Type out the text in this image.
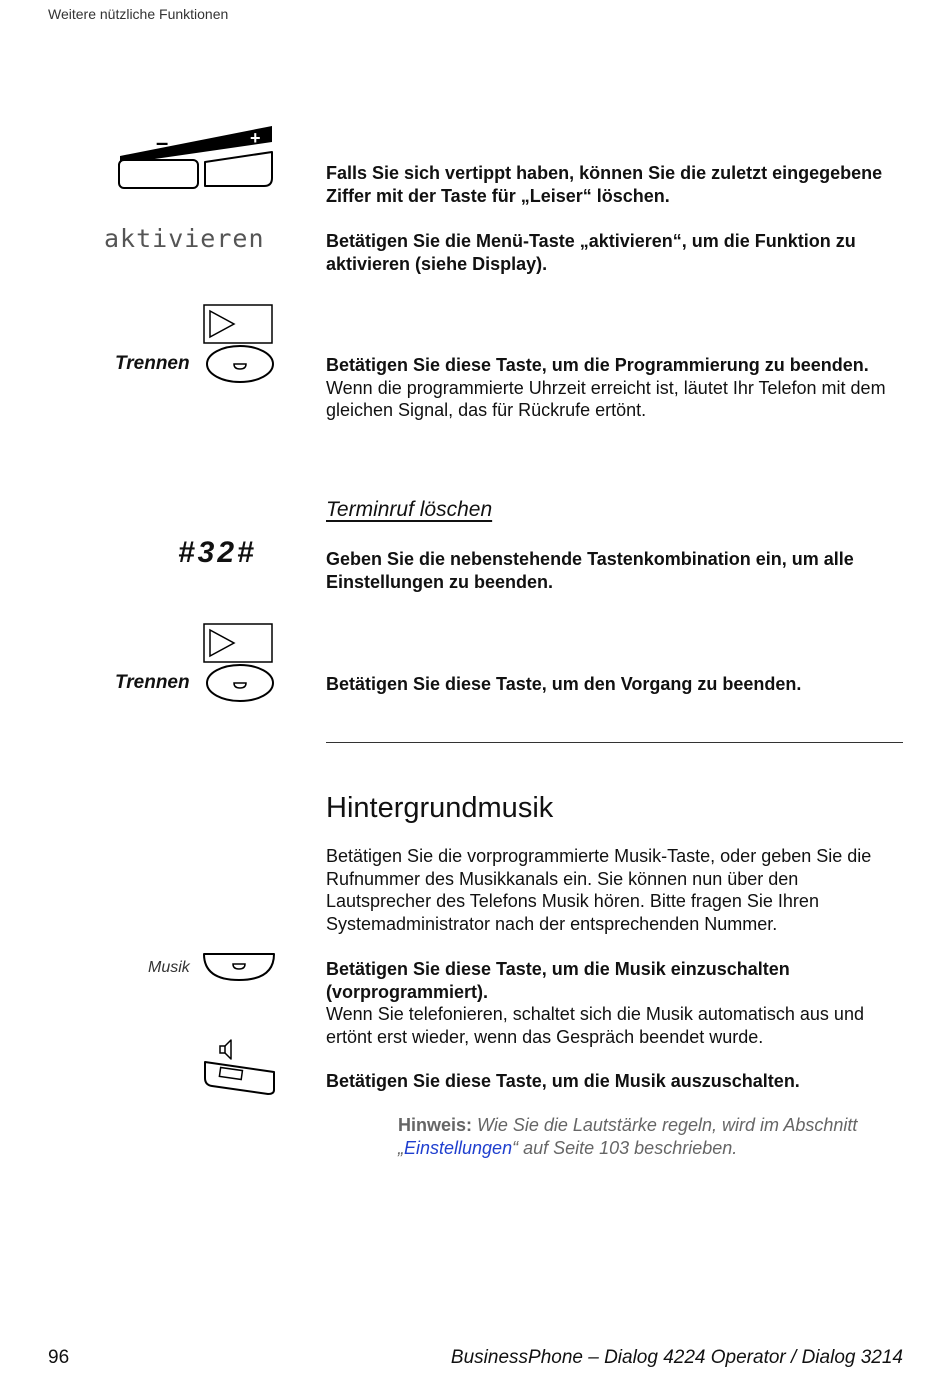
Weitere nützliche Funktionen
–	+
Falls Sie sich vertippt haben, können Sie die zuletzt eingegebene Ziffer mit der Taste für „Leiser“ löschen.
aktivieren	Betätigen Sie die Menü-Taste „aktivieren“, um die Funktion zu aktivieren (siehe Display).
Trennen	Betätigen Sie diese Taste, um die Programmierung zu beenden.
Wenn die programmierte Uhrzeit erreicht ist, läutet Ihr Telefon mit dem gleichen Signal, das für Rückrufe ertönt.
Terminruf löschen
#32#	Geben Sie die nebenstehende Tastenkombination ein, um alle Einstellungen zu beenden.
Trennen	Betätigen Sie diese Taste, um den Vorgang zu beenden.
Hintergrundmusik
Betätigen Sie die vorprogrammierte Musik-Taste, oder geben Sie die Rufnummer des Musikkanals ein. Sie können nun über den Lautsprecher des Telefons Musik hören. Bitte fragen Sie Ihren Systemadministrator nach der entsprechenden Nummer.
Musik	Betätigen Sie diese Taste, um die Musik einzuschalten (vorprogrammiert).
Wenn Sie telefonieren, schaltet sich die Musik automatisch aus und ertönt erst wieder, wenn das Gespräch beendet wurde.
Betätigen Sie diese Taste, um die Musik auszuschalten.
Hinweis: Wie Sie die Lautstärke regeln, wird im Abschnitt „Einstellungen“ auf Seite 103 beschrieben.
96	BusinessPhone – Dialog 4224 Operator / Dialog 3214
